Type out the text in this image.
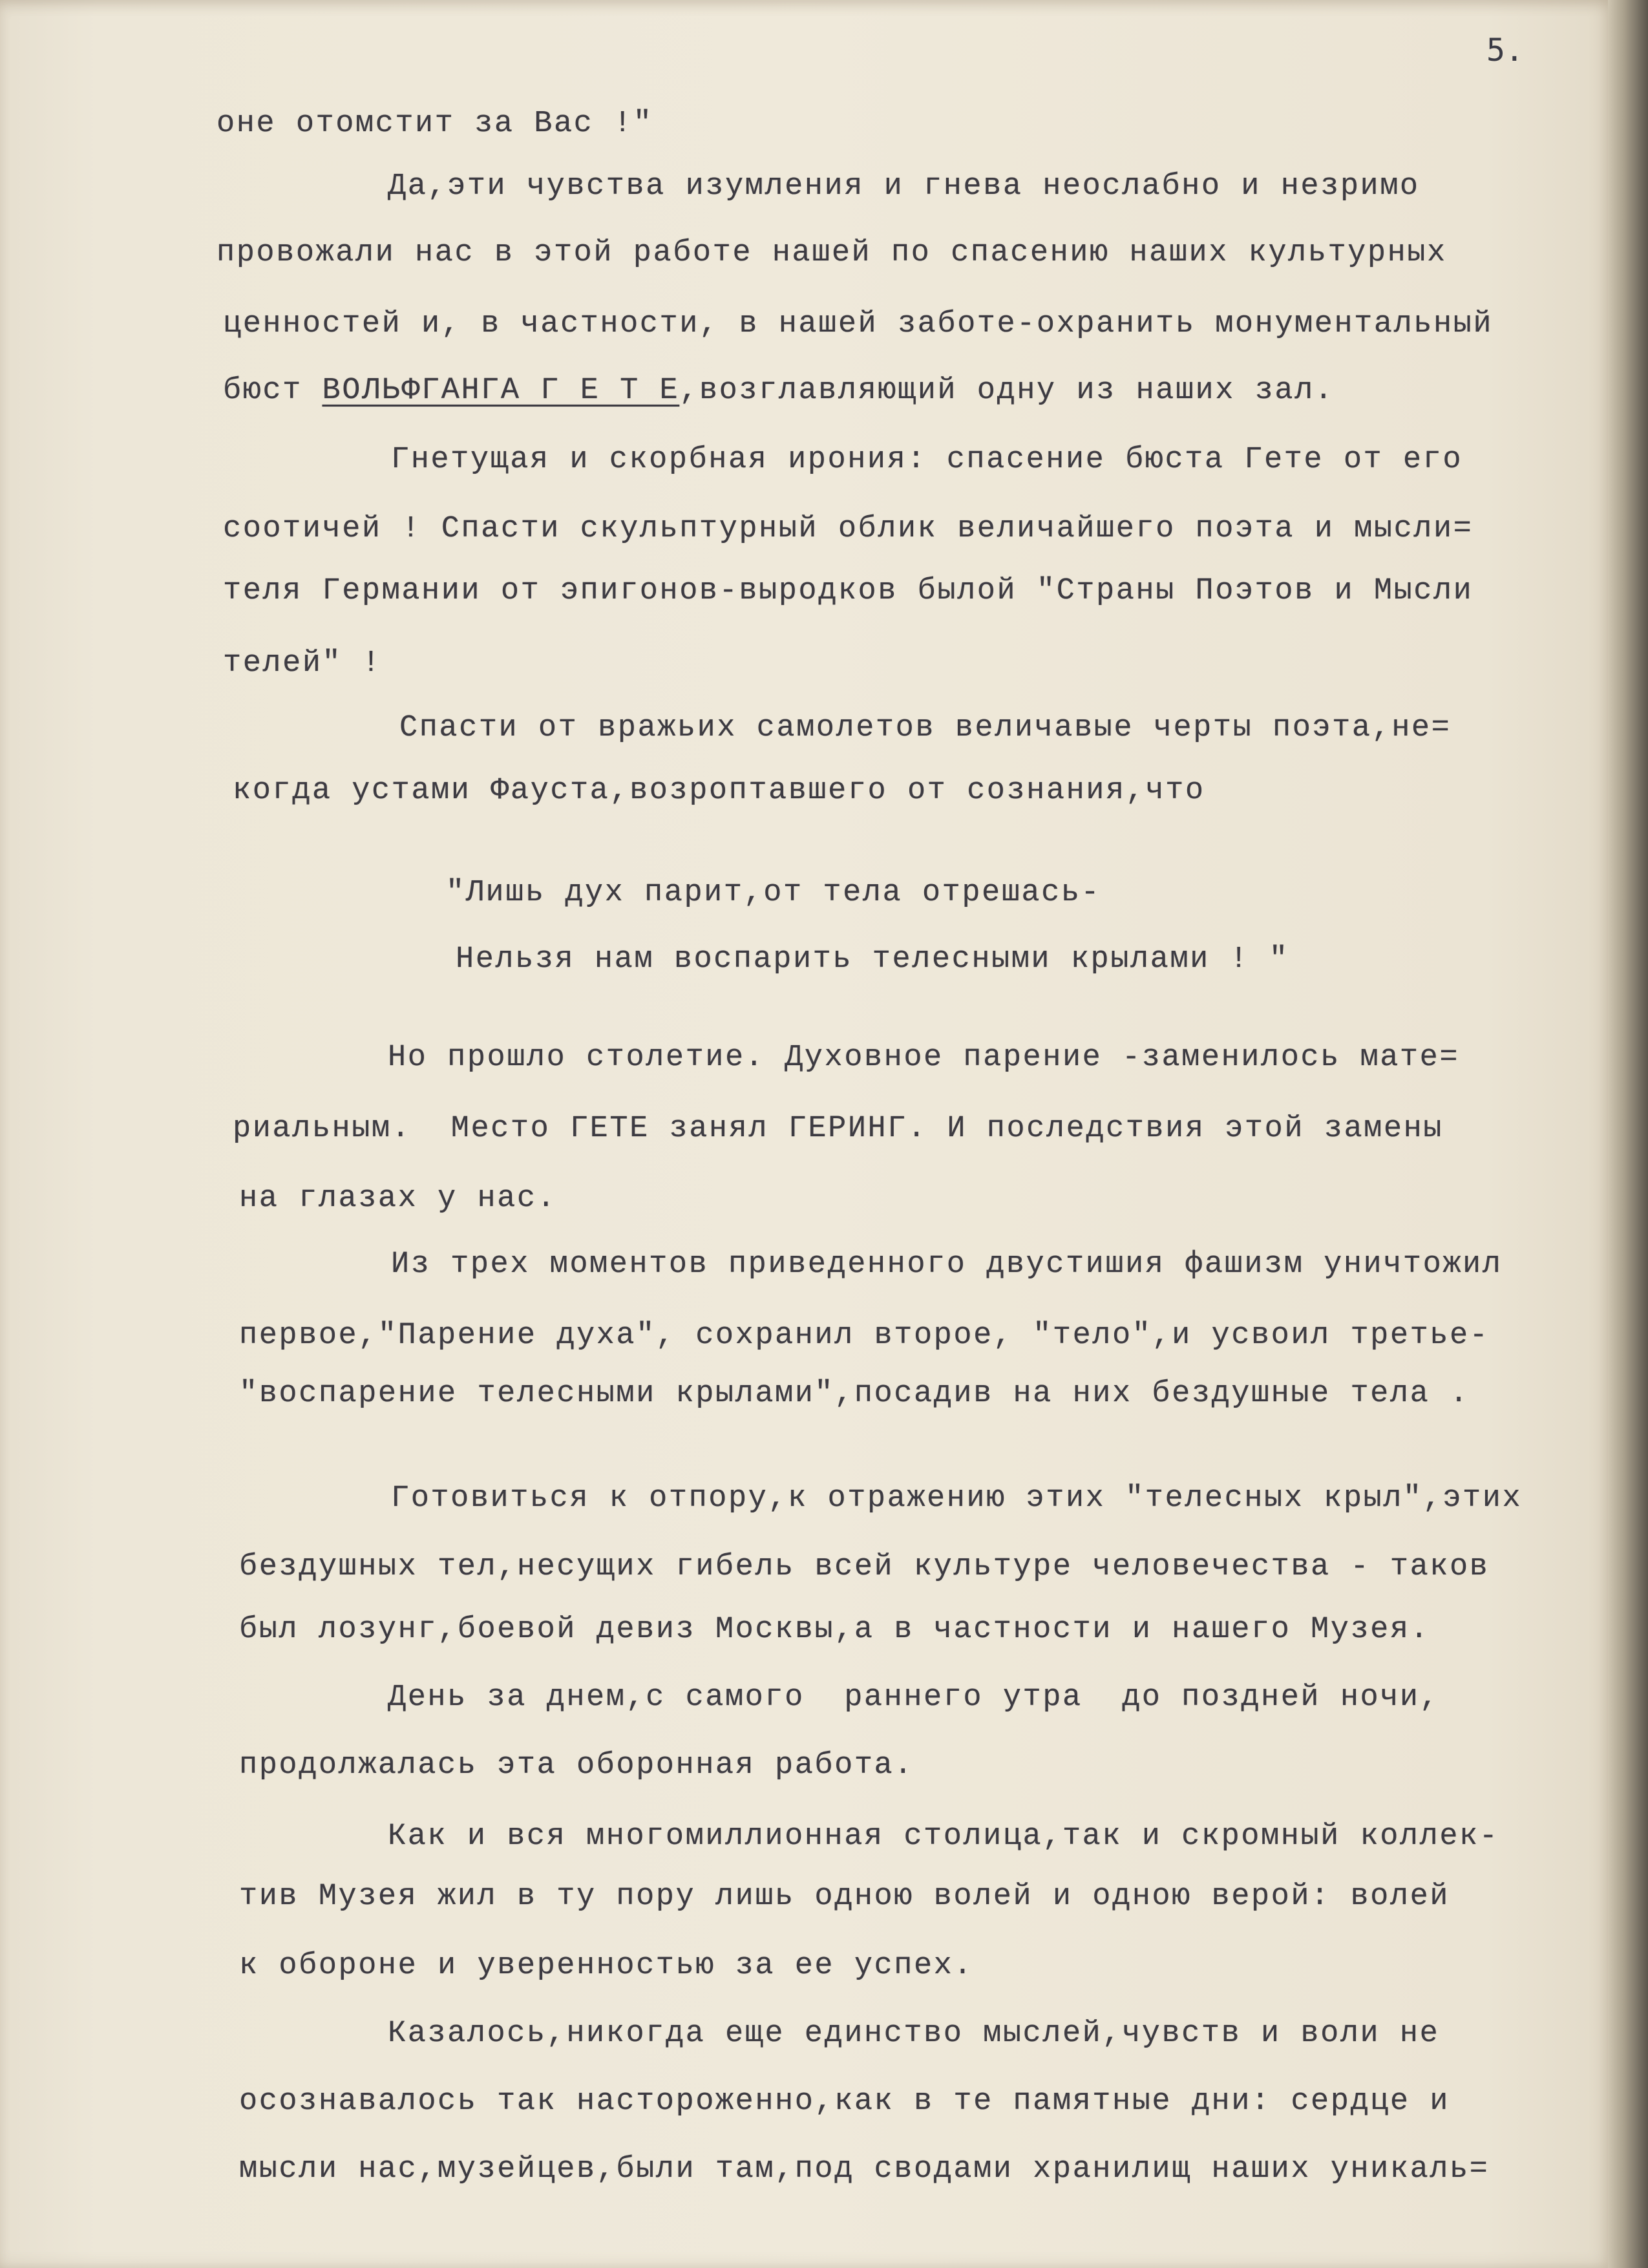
5.
оне отомстит за Вас !"
Да,эти чувства изумления и гнева неослабно и незримо
провожали нас в этой работе нашей по спасению наших культурных
ценностей и, в частности, в нашей заботе-охранить монументальный
бюст ВОЛЬФГАНГА Г Е Т Е,возглавляющий одну из наших зал.
Гнетущая и скорбная ирония: спасение бюста Гете от его
соотичей ! Спасти скульптурный облик величайшего поэта и мысли=
теля Германии от эпигонов-выродков былой "Страны Поэтов и Мысли
телей" !
Спасти от вражьих самолетов величавые черты поэта,не=
когда устами Фауста,возроптавшего от сознания,что
"Лишь дух парит,от тела отрешась-
Нельзя нам воспарить телесными крылами ! "
Но прошло столетие. Духовное парение -заменилось мате=
риальным.  Место ГЕТЕ занял ГЕРИНГ. И последствия этой замены
на глазах у нас.
Из трех моментов приведенного двустишия фашизм уничтожил
первое,"Парение духа", сохранил второе, "тело",и усвоил третье-
"воспарение телесными крылами",посадив на них бездушные тела .
Готовиться к отпору,к отражению этих "телесных крыл",этих
бездушных тел,несущих гибель всей культуре человечества - таков
был лозунг,боевой девиз Москвы,а в частности и нашего Музея.
День за днем,с самого  раннего утра  до поздней ночи,
продолжалась эта оборонная работа.
Как и вся многомиллионная столица,так и скромный коллек-
тив Музея жил в ту пору лишь одною волей и одною верой: волей
к обороне и уверенностью за ее успех.
Казалось,никогда еще единство мыслей,чувств и воли не
осознавалось так настороженно,как в те памятные дни: сердце и
мысли нас,музейцев,были там,под сводами хранилищ наших уникаль=
